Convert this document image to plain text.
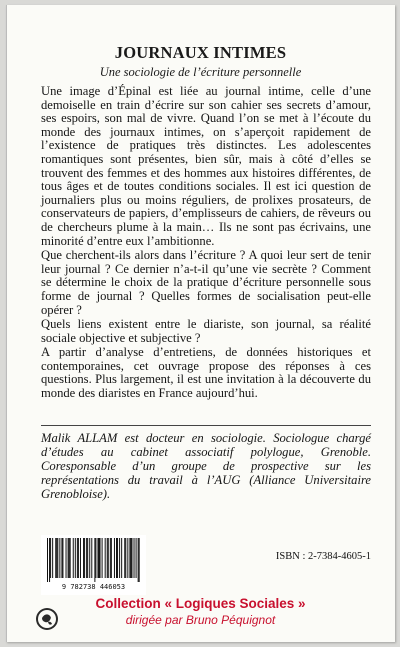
JOURNAUX INTIMES
Une sociologie de l’écriture personnelle

Une image d’Épinal est liée au journal intime, celle d’une demoiselle en train d’écrire sur son cahier ses secrets d’amour, ses espoirs, son mal de vivre. Quand l’on se met à l’écoute du monde des journaux intimes, on s’aperçoit rapidement de l’existence de pratiques très distinctes. Les adolescentes romantiques sont présentes, bien sûr, mais à côté d’elles se trouvent des femmes et des hommes aux histoires différentes, de tous âges et de toutes conditions sociales. Il est ici question de journaliers plus ou moins réguliers, de prolixes prosateurs, de conservateurs de papiers, d’emplisseurs de cahiers, de rêveurs ou de chercheurs plume à la main… Ils ne sont pas écrivains, une minorité d’entre eux l’ambitionne.

Que cherchent-ils alors dans l’écriture ? A quoi leur sert de tenir leur journal ? Ce dernier n’a-t-il qu’une vie secrète ? Comment se détermine le choix de la pratique d’écriture personnelle sous forme de journal ? Quelles formes de socialisation peut-elle opérer ?

Quels liens existent entre le diariste, son journal, sa réalité sociale objective et subjective ?

A partir d’analyse d’entretiens, de données historiques et contemporaines, cet ouvrage propose des réponses à ces questions. Plus largement, il est une invitation à la découverte du monde des diaristes en France aujourd’hui.

Malik ALLAM est docteur en sociologie. Sociologue chargé d’études au cabinet associatif polylogue, Grenoble. Coresponsable d’un groupe de prospective sur les représentations du travail à l’AUG (Alliance Universitaire Grenobloise).
9 782738 446053
ISBN : 2-7384-4605-1
Collection « Logiques Sociales »
dirigée par Bruno Péquignot
